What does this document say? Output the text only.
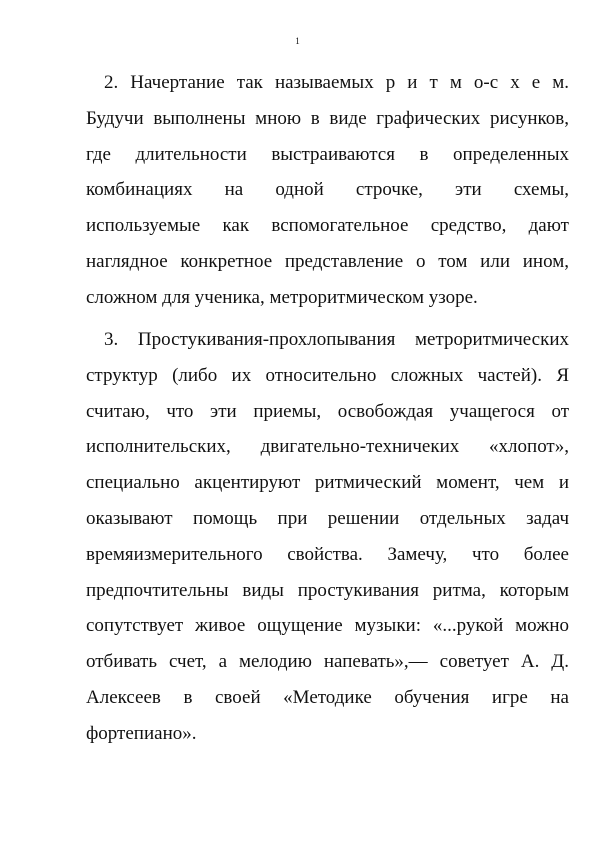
1
2. Начертание так называемых р и т м о-с х е м.
Будучи выполнены мною в виде графических рисунков,
где длительности выстраиваются в определенных
комбинациях на одной строчке, эти схемы,
используемые как вспомогательное средство, дают
наглядное конкретное представление о том или ином,
сложном для ученика, метроритмическом узоре.
3. Простукивания-прохлопывания метроритмических
структур (либо их относительно сложных частей). Я
считаю, что эти приемы, освобождая учащегося от
исполнительских, двигательно-техничеких «хлопот»,
специально акцентируют ритмический момент, чем и
оказывают помощь при решении отдельных задач
времяизмерительного свойства. Замечу, что более
предпочтительны виды простукивания ритма, которым
сопутствует живое ощущение музыки: «...рукой можно
отбивать счет, а мелодию напевать»,— советует А. Д.
Алексеев в своей «Методике обучения игре на
фортепиано».
